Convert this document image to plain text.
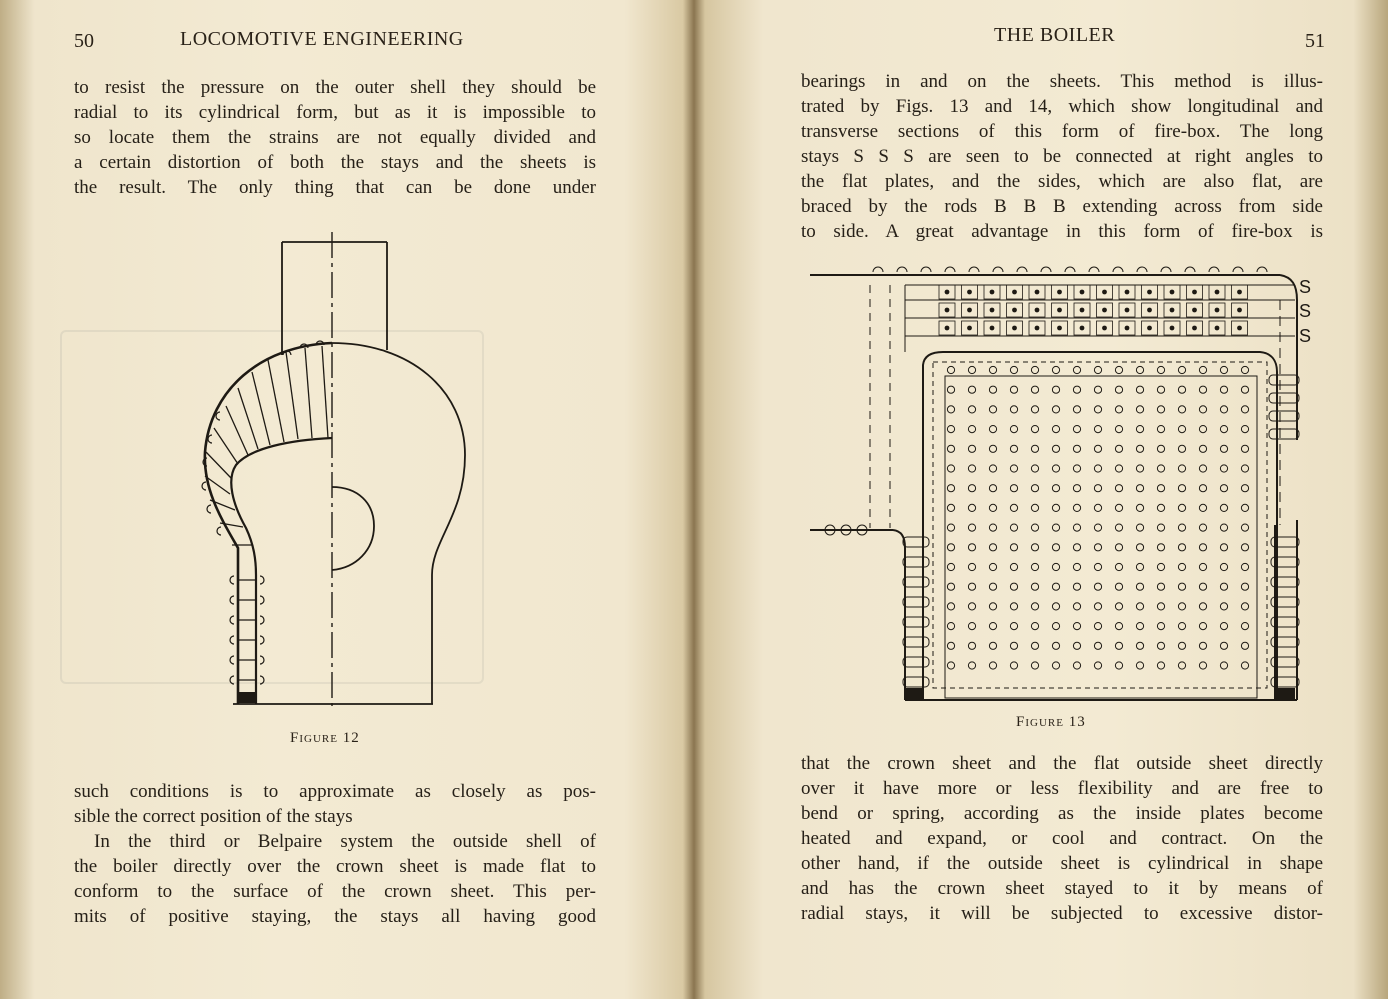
50	LOCOMOTIVE ENGINEERING
to resist the pressure on the outer shell they should be
radial to its cylindrical form, but as it is impossible to
so locate them the strains are not equally divided and
a certain distortion of both the stays and the sheets is
the result. The only thing that can be done under
Figure 12
such conditions is to approximate as closely as pos-
sible the correct position of the stays
In the third or Belpaire system the outside shell of
the boiler directly over the crown sheet is made flat to
conform to the surface of the crown sheet. This per-
mits of positive staying, the stays all having good
THE BOILER	51
bearings in and on the sheets. This method is illus-
trated by Figs. 13 and 14, which show longitudinal and
transverse sections of this form of fire-box. The long
stays S S S are seen to be connected at right angles to
the flat plates, and the sides, which are also flat, are
braced by the rods B B B extending across from side
to side. A great advantage in this form of fire-box is
S
S
S
Figure 13
that the crown sheet and the flat outside sheet directly
over it have more or less flexibility and are free to
bend or spring, according as the inside plates become
heated and expand, or cool and contract. On the
other hand, if the outside sheet is cylindrical in shape
and has the crown sheet stayed to it by means of
radial stays, it will be subjected to excessive distor-
